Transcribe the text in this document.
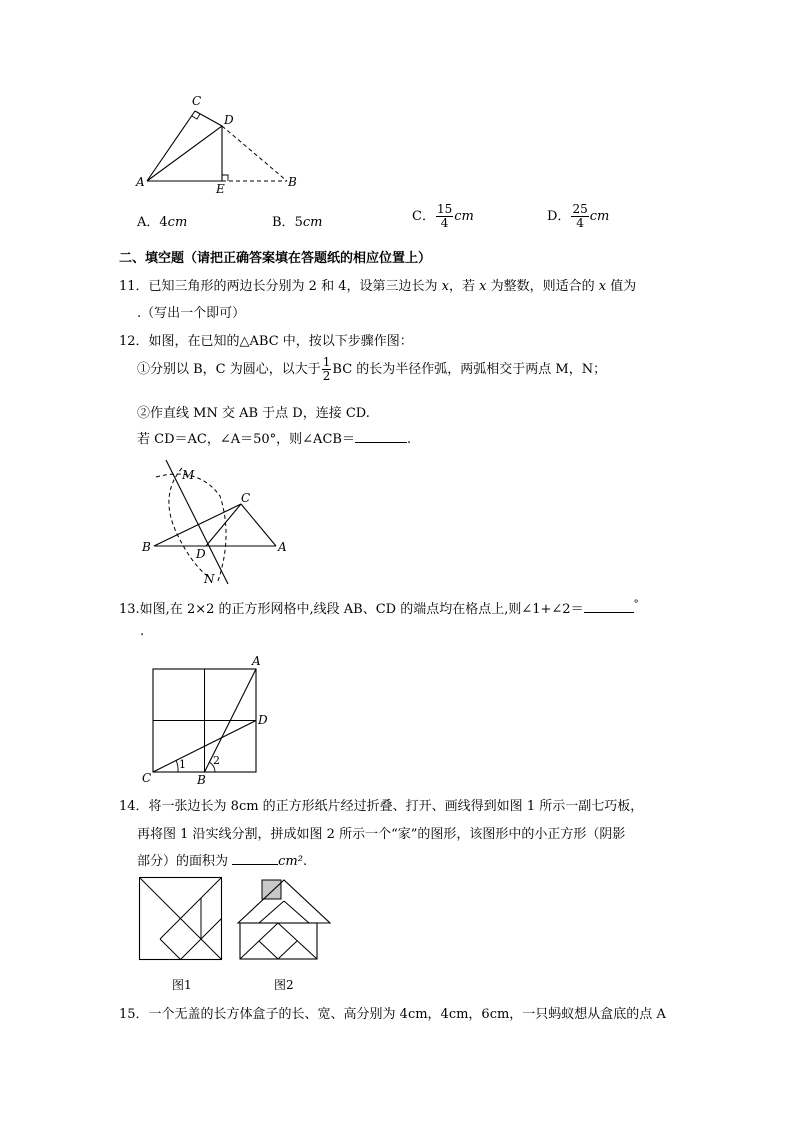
C
D
A	E	B
A．4cm	B．5cm	C． $\frac{15}{4}$ cm	D． $\frac{25}{4}$ cm
二、填空题（请把正确答案填在答题纸的相应位置上）
11．已知三角形的两边长分别为 2 和 4，设第三边长为 x，若 x 为整数，则适合的 x 值为
.（写出一个即可）
12．如图，在已知的△ABC 中，按以下步骤作图：
①分别以 B，C 为圆心，以大于 $\frac{1}{2}$ BC 的长为半径作弧，两弧相交于两点 M，N；
②作直线 MN 交 AB 于点 D，连接 CD.
若 CD＝AC，∠A＝50°，则∠ACB＝	.
M
C
B	D	A
N
13.如图,在 2×2 的正方形网格中,线段 AB、CD 的端点均在格点上,则∠1+∠2＝	°
.
A
D
C	B
1 2
14．将一张边长为 8cm 的正方形纸片经过折叠、打开、画线得到如图 1 所示一副七巧板，
再将图 1 沿实线分割，拼成如图 2 所示一个“家”的图形，该图形中的小正方形（阴影
部分）的面积为	cm².
图1	图2
15．一个无盖的长方体盒子的长、宽、高分别为 4cm，4cm，6cm，一只蚂蚁想从盒底的点 A
